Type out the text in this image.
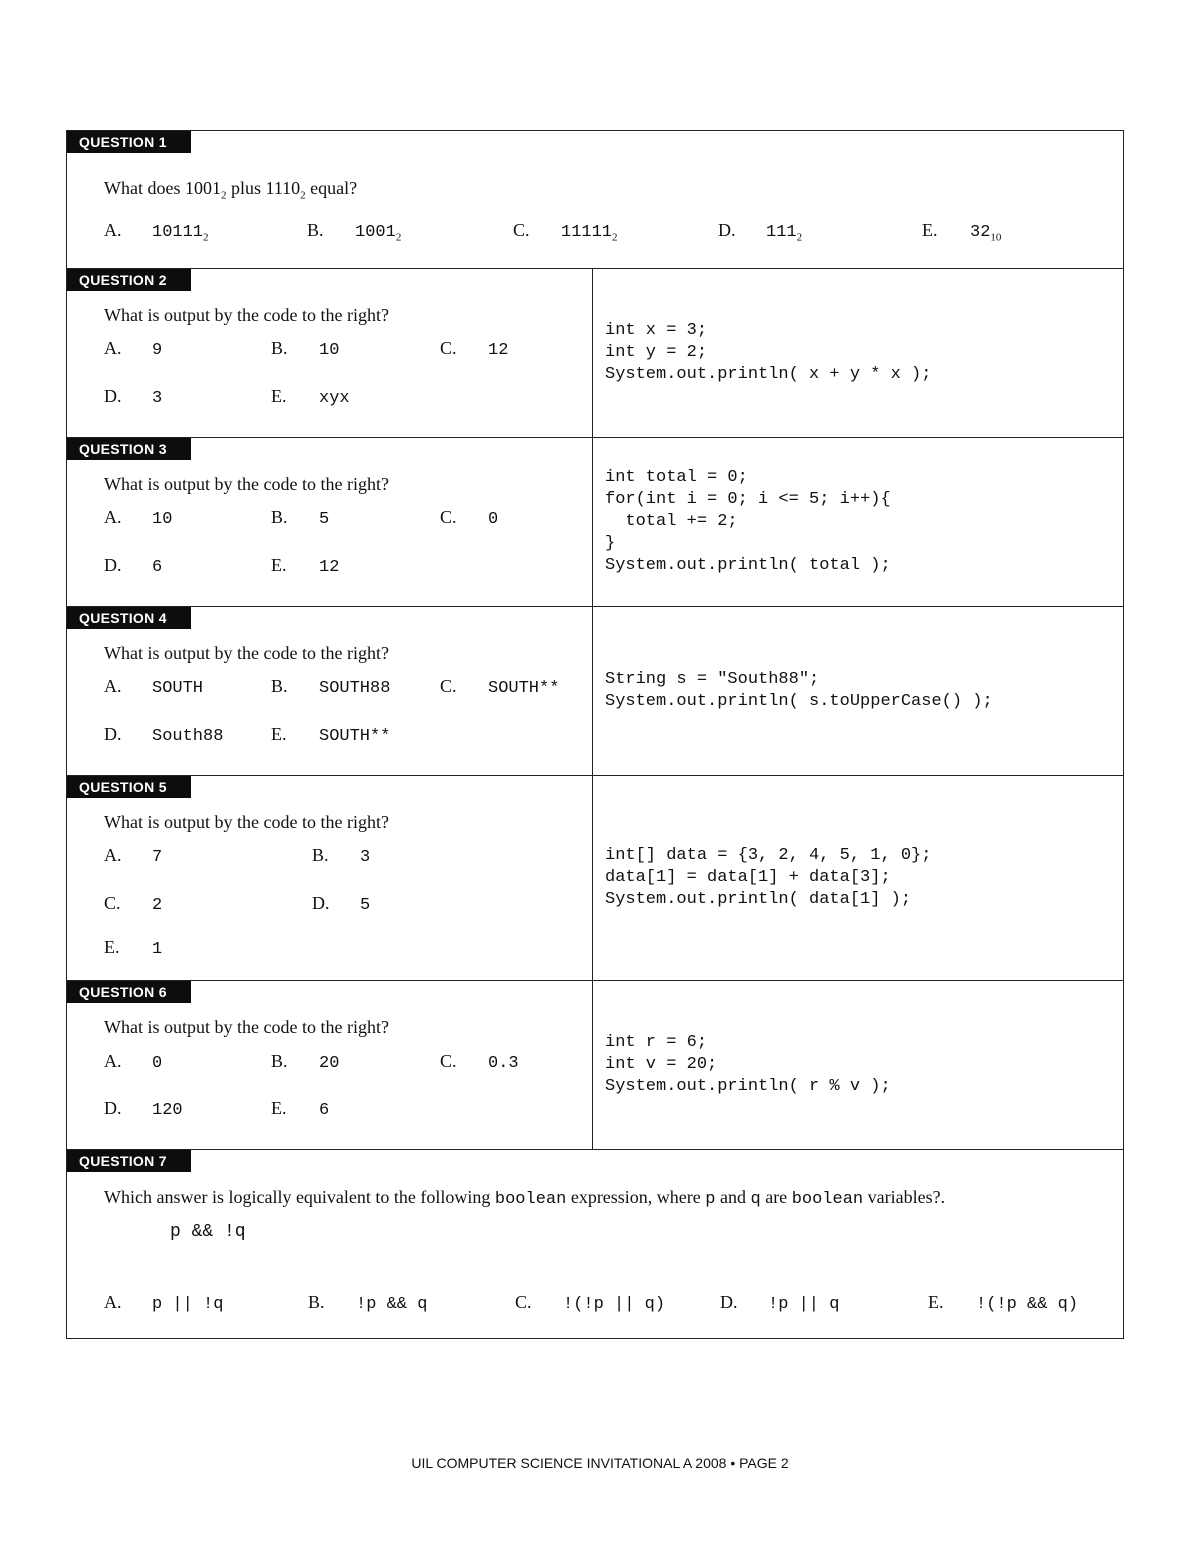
QUESTION 1
What does $1001_2$ plus $1110_2$ equal?
A. $10111_2$	B. $1001_2$	C. $11111_2$	D. $111_2$	E. $32_{10}$
QUESTION 2
What is output by the code to the right?
A. 9	B. 10	C. 12
D. 3	E. xyx
int x = 3;
int y = 2;
System.out.println( x + y * x );
QUESTION 3
What is output by the code to the right?
A. 10	B. 5	C. 0
D. 6	E. 12
int total = 0;
for(int i = 0; i <= 5; i++){
total += 2;
}
System.out.println( total );
QUESTION 4
What is output by the code to the right?
A. SOUTH	B. SOUTH88	C. SOUTH**
D. South88	E. SOUTH**
String s = "South88";
System.out.println( s.toUpperCase() );
QUESTION 5
What is output by the code to the right?
A. 7	B. 3
C. 2	D. 5
E. 1
int[] data = {3, 2, 4, 5, 1, 0};
data[1] = data[1] + data[3];
System.out.println( data[1] );
QUESTION 6
What is output by the code to the right?
A. 0	B. 20	C. 0.3
D. 120	E. 6
int r = 6;
int v = 20;
System.out.println( r % v );
QUESTION 7
Which answer is logically equivalent to the following boolean expression, where p and q are boolean variables?.
p && !q
A. p || !q	B. !p && q	C. !(!p || q)	D. !p || q	E. !(!p && q)
UIL COMPUTER SCIENCE INVITATIONAL A 2008 • PAGE 2
